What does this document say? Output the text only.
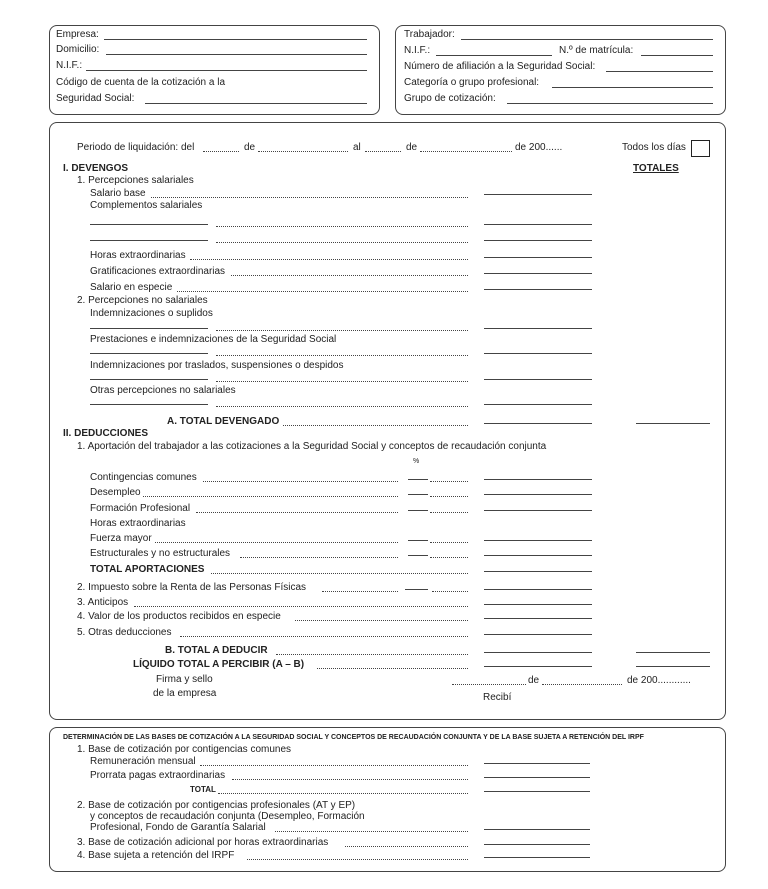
Empresa:
Domicilio:
N.I.F.:
Código de cuenta de la cotización a la
Seguridad Social:
Trabajador:
N.I.F.:	N.º de matrícula:
Número de afiliación a la Seguridad Social:
Categoría o grupo profesional:
Grupo de cotización:
Periodo de liquidación: del	de	al	de	de 200......	Todos los días
I. DEVENGOS	TOTALES
1. Percepciones salariales
Salario base
Complementos salariales
Horas extraordinarias
Gratificaciones extraordinarias
Salario en especie
2. Percepciones no salariales
Indemnizaciones o suplidos
Prestaciones e indemnizaciones de la Seguridad Social
Indemnizaciones por traslados, suspensiones o despidos
Otras percepciones no salariales
A. TOTAL DEVENGADO
II. DEDUCCIONES
1. Aportación del trabajador a las cotizaciones a la Seguridad Social y conceptos de recaudación conjunta
%
Contingencias comunes
Desempleo
Formación Profesional
Horas extraordinarias
Fuerza mayor
Estructurales y no estructurales
TOTAL APORTACIONES
2. Impuesto sobre la Renta de las Personas Físicas
3. Anticipos
4. Valor de los productos recibidos en especie
5. Otras deducciones
B. TOTAL A DEDUCIR
LÍQUIDO TOTAL A PERCIBIR (A – B)
Firma y sello
de la empresa
de	de 200............
Recibí
DETERMINACIÓN DE LAS BASES DE COTIZACIÓN A LA SEGURIDAD SOCIAL Y CONCEPTOS DE RECAUDACIÓN CONJUNTA Y DE LA BASE SUJETA A RETENCIÓN DEL IRPF
1. Base de cotización por contigencias comunes
Remuneración mensual
Prorrata pagas extraordinarias
TOTAL
2. Base de cotización por contigencias profesionales (AT y EP)
y conceptos de recaudación conjunta (Desempleo, Formación
Profesional, Fondo de Garantía Salarial
3. Base de cotización adicional por horas extraordinarias
4. Base sujeta a retención del IRPF
